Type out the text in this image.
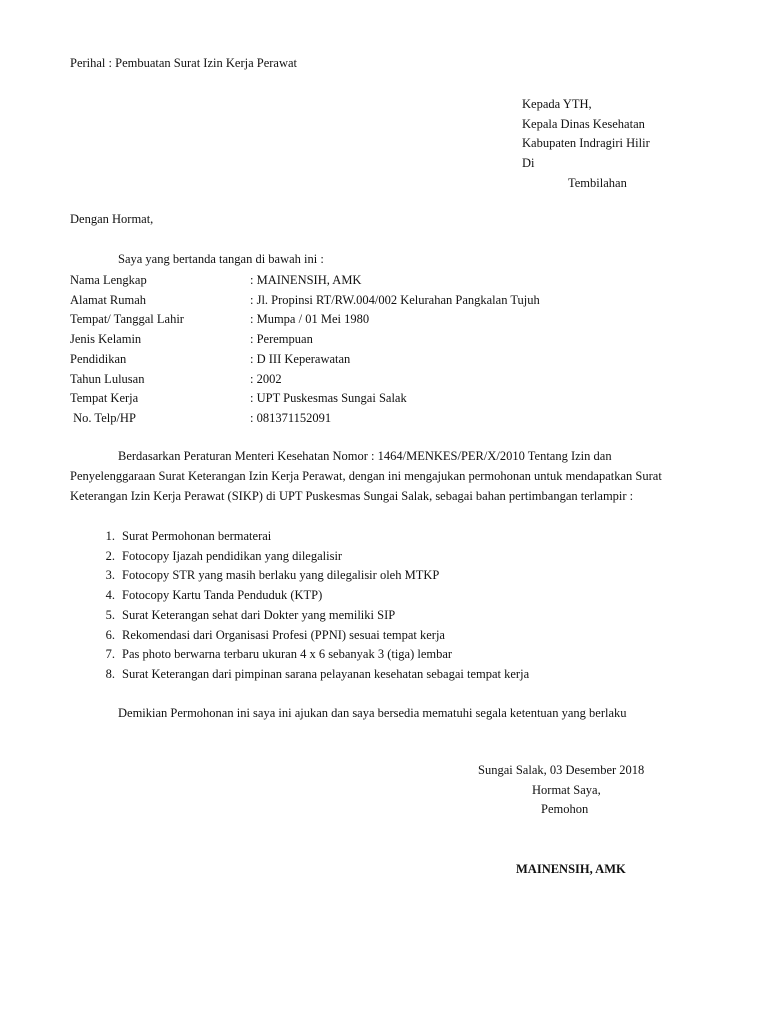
Perihal : Pembuatan Surat Izin Kerja Perawat
Kepada YTH,
Kepala Dinas Kesehatan
Kabupaten Indragiri Hilir
Di
Tembilahan
Dengan Hormat,
Saya yang bertanda tangan di bawah ini :
Nama Lengkap	: MAINENSIH, AMK
Alamat Rumah	: Jl. Propinsi RT/RW.004/002 Kelurahan Pangkalan Tujuh
Tempat/ Tanggal Lahir	: Mumpa / 01 Mei 1980
Jenis Kelamin	: Perempuan
Pendidikan	: D III Keperawatan
Tahun Lulusan	: 2002
Tempat Kerja	: UPT Puskesmas Sungai Salak
No. Telp/HP	: 081371152091
Berdasarkan Peraturan Menteri Kesehatan Nomor : 1464/MENKES/PER/X/2010 Tentang Izin dan Penyelenggaraan Surat Keterangan Izin Kerja Perawat, dengan ini mengajukan permohonan untuk mendapatkan Surat Keterangan Izin Kerja Perawat (SIKP) di UPT Puskesmas Sungai Salak, sebagai bahan pertimbangan terlampir :
1. Surat Permohonan bermaterai
2. Fotocopy Ijazah pendidikan yang dilegalisir
3. Fotocopy STR yang masih berlaku yang dilegalisir oleh MTKP
4. Fotocopy Kartu Tanda Penduduk (KTP)
5. Surat Keterangan sehat dari Dokter yang memiliki SIP
6. Rekomendasi dari Organisasi Profesi (PPNI) sesuai tempat kerja
7. Pas photo berwarna terbaru ukuran 4 x 6 sebanyak 3 (tiga) lembar
8. Surat Keterangan dari pimpinan sarana pelayanan kesehatan sebagai tempat kerja
Demikian Permohonan ini saya ini ajukan dan saya bersedia mematuhi segala ketentuan yang berlaku
Sungai Salak, 03 Desember 2018
Hormat Saya,
Pemohon
MAINENSIH, AMK
